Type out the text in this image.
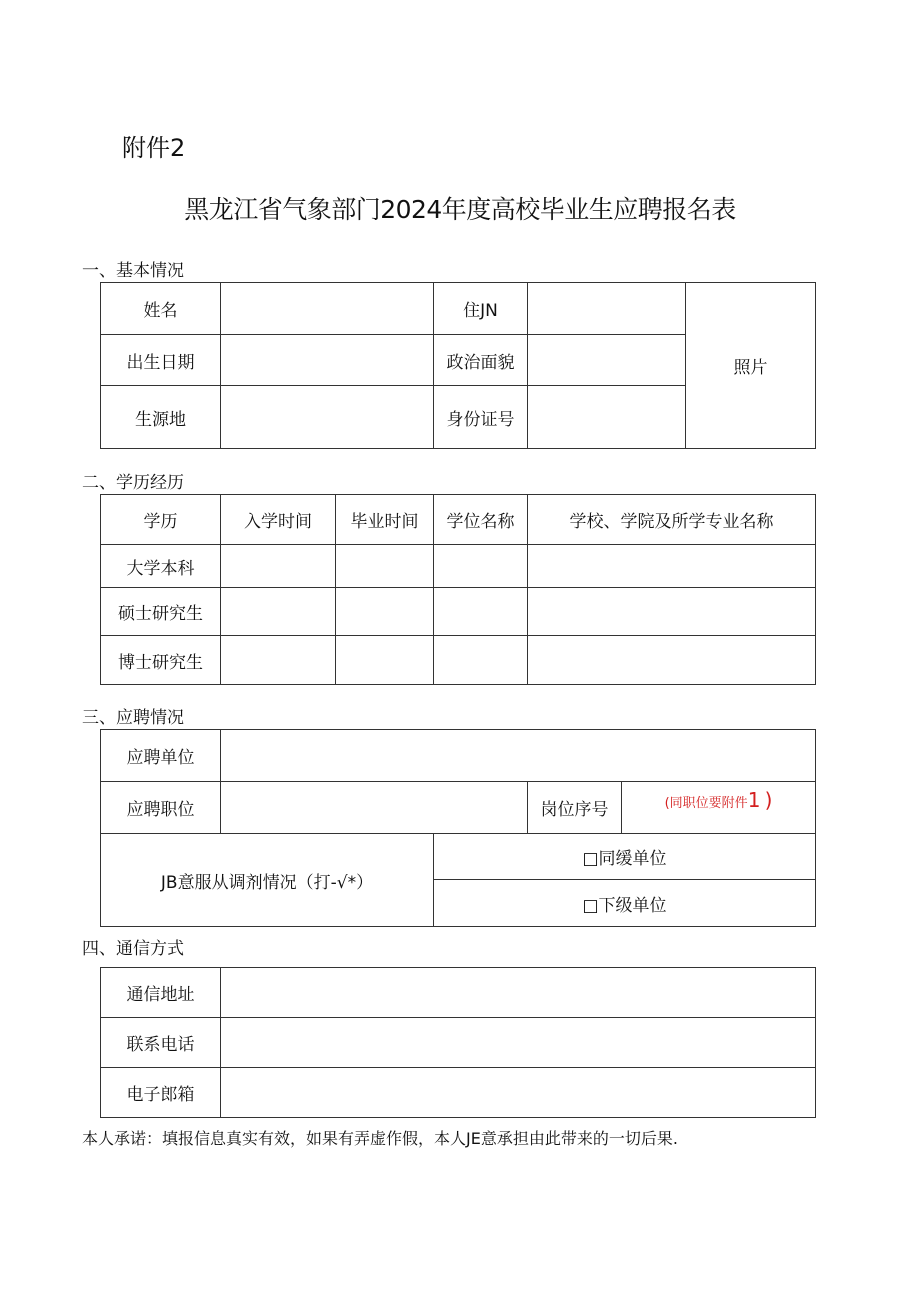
附件2
黑龙江省气象部门2024年度高校毕业生应聘报名表
一、基本情况
姓名		住JN		照片
出生日期		政治面貌		
生源地		身份证号		
二、学历经历
学历	入学时间	毕业时间	学位名称	学校、学院及所学专业名称
大学本科				
硕士研究生				
博士研究生				
三、应聘情况
应聘单位				
应聘职位			岗位序号	(同职位要附件1 )
JB意服从调剂情况（打-√*）		□同缓单位		
		□下级单位		
四、通信方式
通信地址	
联系电话	
电子郎箱	
本人承诺：填报信息真实有效，如果有弄虚作假，本人JE意承担由此带来的一切后果.
